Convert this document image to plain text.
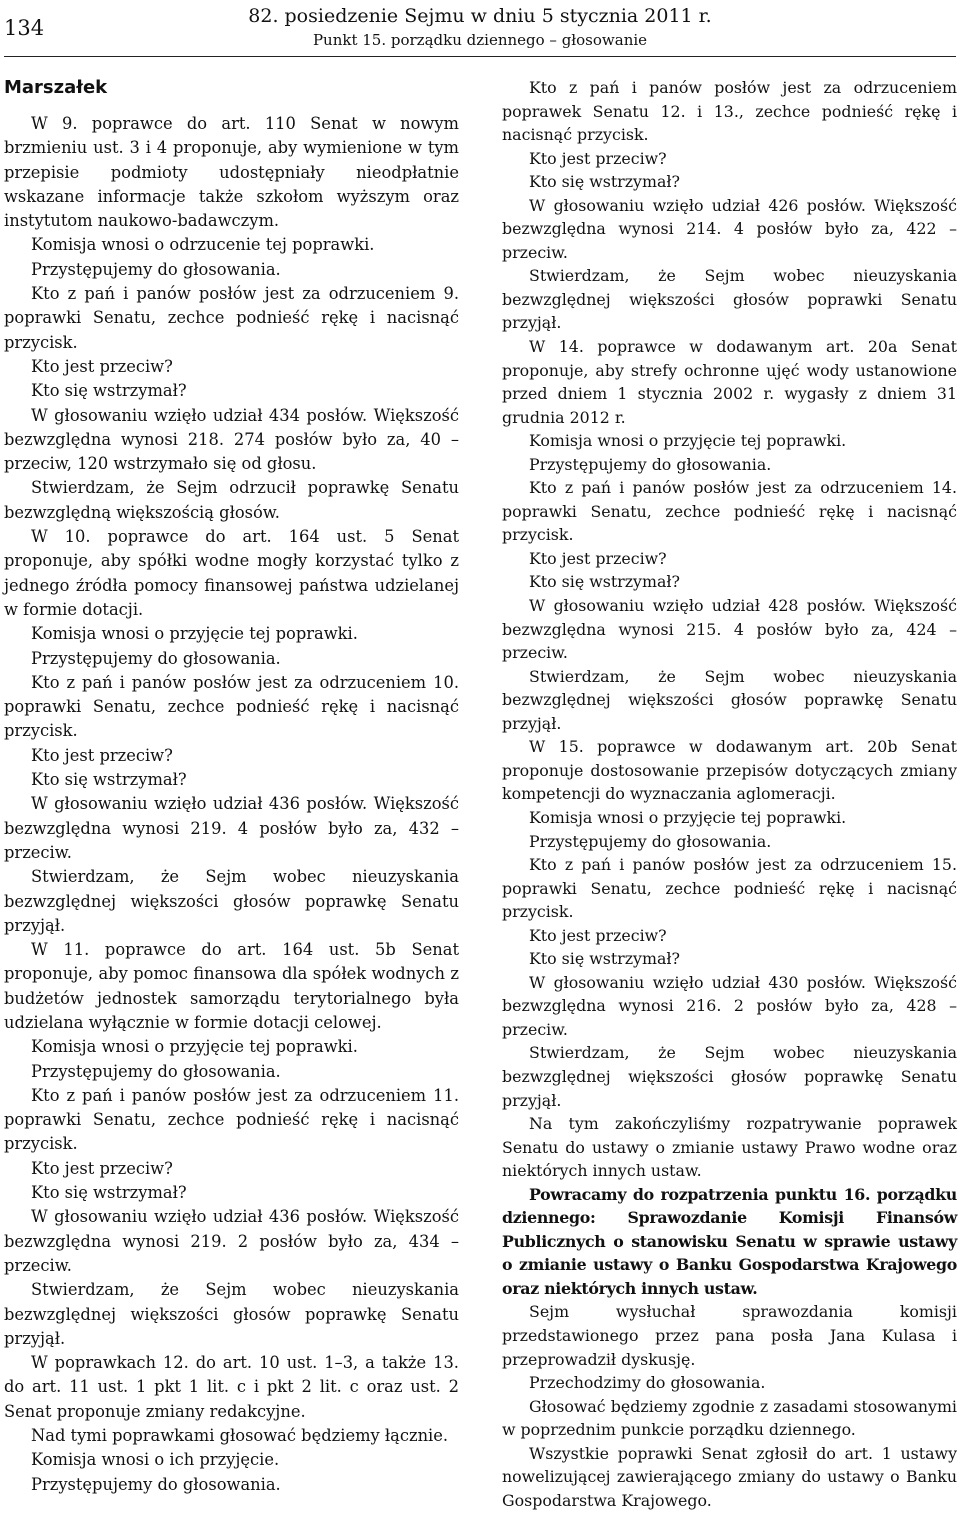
134	82. posiedzenie Sejmu w dniu 5 stycznia 2011 r.
Punkt 15. porządku dziennego – głosowanie
Marszałek

W 9. poprawce do art. 110 Senat w nowym brzmieniu ust. 3 i 4 proponuje, aby wymienione w tym przepisie podmioty udostępniały nieodpłatnie wskazane informacje także szkołom wyższym oraz instytutom naukowo-badawczym.

Komisja wnosi o odrzucenie tej poprawki.

Przystępujemy do głosowania.

Kto z pań i panów posłów jest za odrzuceniem 9. poprawki Senatu, zechce podnieść rękę i nacisnąć przycisk.

Kto jest przeciw?

Kto się wstrzymał?

W głosowaniu wzięło udział 434 posłów. Większość bezwzględna wynosi 218. 274 posłów było za, 40 – przeciw, 120 wstrzymało się od głosu.

Stwierdzam, że Sejm odrzucił poprawkę Senatu bezwzględną większością głosów.

W 10. poprawce do art. 164 ust. 5 Senat proponuje, aby spółki wodne mogły korzystać tylko z jednego źródła pomocy finansowej państwa udzielanej w formie dotacji.

Komisja wnosi o przyjęcie tej poprawki.

Przystępujemy do głosowania.

Kto z pań i panów posłów jest za odrzuceniem 10. poprawki Senatu, zechce podnieść rękę i nacisnąć przycisk.

Kto jest przeciw?

Kto się wstrzymał?

W głosowaniu wzięło udział 436 posłów. Większość bezwzględna wynosi 219. 4 posłów było za, 432 – przeciw.

Stwierdzam, że Sejm wobec nieuzyskania bezwzględnej większości głosów poprawkę Senatu przyjął.

W 11. poprawce do art. 164 ust. 5b Senat proponuje, aby pomoc finansowa dla spółek wodnych z budżetów jednostek samorządu terytorialnego była udzielana wyłącznie w formie dotacji celowej.

Komisja wnosi o przyjęcie tej poprawki.

Przystępujemy do głosowania.

Kto z pań i panów posłów jest za odrzuceniem 11. poprawki Senatu, zechce podnieść rękę i nacisnąć przycisk.

Kto jest przeciw?

Kto się wstrzymał?

W głosowaniu wzięło udział 436 posłów. Większość bezwzględna wynosi 219. 2 posłów było za, 434 – przeciw.

Stwierdzam, że Sejm wobec nieuzyskania bezwzględnej większości głosów poprawkę Senatu przyjął.

W poprawkach 12. do art. 10 ust. 1–3, a także 13. do art. 11 ust. 1 pkt 1 lit. c i pkt 2 lit. c oraz ust. 2 Senat proponuje zmiany redakcyjne.

Nad tymi poprawkami głosować będziemy łącznie.

Komisja wnosi o ich przyjęcie.

Przystępujemy do głosowania.

Kto z pań i panów posłów jest za odrzuceniem poprawek Senatu 12. i 13., zechce podnieść rękę i nacisnąć przycisk.

Kto jest przeciw?

Kto się wstrzymał?

W głosowaniu wzięło udział 426 posłów. Większość bezwzględna wynosi 214. 4 posłów było za, 422 – przeciw.

Stwierdzam, że Sejm wobec nieuzyskania bezwzględnej większości głosów poprawki Senatu przyjął.

W 14. poprawce w dodawanym art. 20a Senat proponuje, aby strefy ochronne ujęć wody ustanowione przed dniem 1 stycznia 2002 r. wygasły z dniem 31 grudnia 2012 r.

Komisja wnosi o przyjęcie tej poprawki.

Przystępujemy do głosowania.

Kto z pań i panów posłów jest za odrzuceniem 14. poprawki Senatu, zechce podnieść rękę i nacisnąć przycisk.

Kto jest przeciw?

Kto się wstrzymał?

W głosowaniu wzięło udział 428 posłów. Większość bezwzględna wynosi 215. 4 posłów było za, 424 – przeciw.

Stwierdzam, że Sejm wobec nieuzyskania bezwzględnej większości głosów poprawkę Senatu przyjął.

W 15. poprawce w dodawanym art. 20b Senat proponuje dostosowanie przepisów dotyczących zmiany kompetencji do wyznaczania aglomeracji.

Komisja wnosi o przyjęcie tej poprawki.

Przystępujemy do głosowania.

Kto z pań i panów posłów jest za odrzuceniem 15. poprawki Senatu, zechce podnieść rękę i nacisnąć przycisk.

Kto jest przeciw?

Kto się wstrzymał?

W głosowaniu wzięło udział 430 posłów. Większość bezwzględna wynosi 216. 2 posłów było za, 428 – przeciw.

Stwierdzam, że Sejm wobec nieuzyskania bezwzględnej większości głosów poprawkę Senatu przyjął.

Na tym zakończyliśmy rozpatrywanie poprawek Senatu do ustawy o zmianie ustawy Prawo wodne oraz niektórych innych ustaw.

Powracamy do rozpatrzenia punktu 16. porządku dziennego: Sprawozdanie Komisji Finansów Publicznych o stanowisku Senatu w sprawie ustawy o zmianie ustawy o Banku Gospodarstwa Krajowego oraz niektórych innych ustaw.

Sejm wysłuchał sprawozdania komisji przedstawionego przez pana posła Jana Kulasa i przeprowadził dyskusję.

Przechodzimy do głosowania.

Głosować będziemy zgodnie z zasadami stosowanymi w poprzednim punkcie porządku dziennego.

Wszystkie poprawki Senat zgłosił do art. 1 ustawy nowelizującej zawierającego zmiany do ustawy o Banku Gospodarstwa Krajowego.
